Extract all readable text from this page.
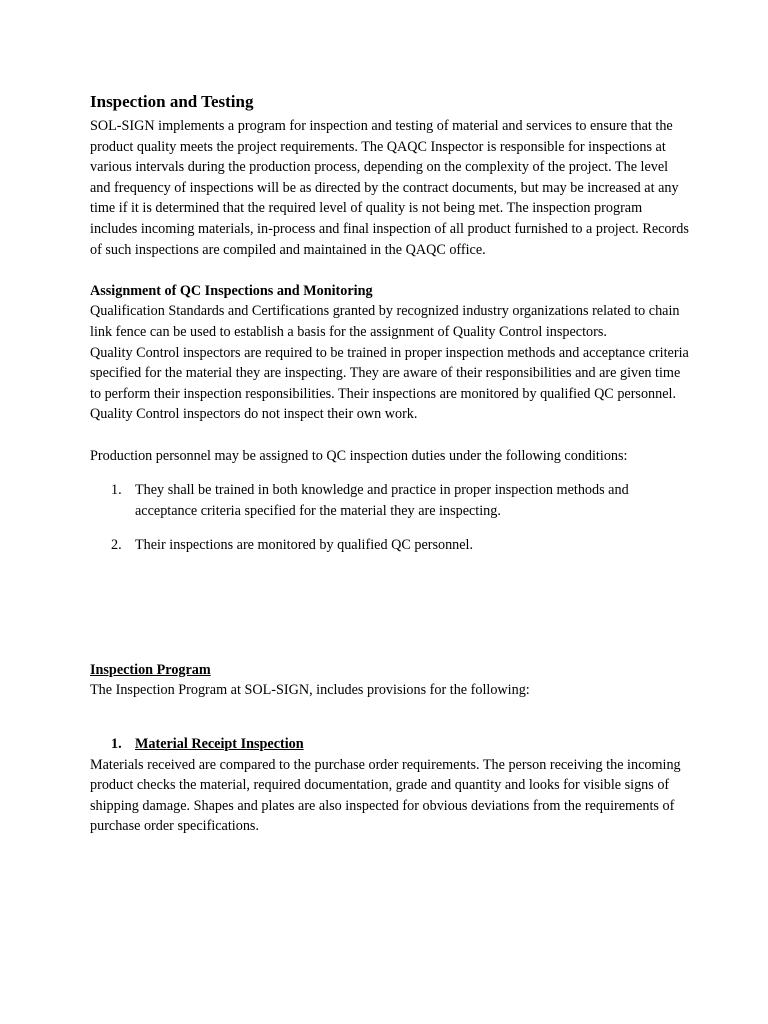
Inspection and Testing

SOL-SIGN implements a program for inspection and testing of material and services to ensure that the product quality meets the project requirements. The QAQC Inspector is responsible for inspections at various intervals during the production process, depending on the complexity of the project. The level and frequency of inspections will be as directed by the contract documents, but may be increased at any time if it is determined that the required level of quality is not being met. The inspection program includes incoming materials, in-process and final inspection of all product furnished to a project. Records of such inspections are compiled and maintained in the QAQC office.

Assignment of QC Inspections and Monitoring

Qualification Standards and Certifications granted by recognized industry organizations related to chain link fence can be used to establish a basis for the assignment of Quality Control inspectors.

Quality Control inspectors are required to be trained in proper inspection methods and acceptance criteria specified for the material they are inspecting. They are aware of their responsibilities and are given time to perform their inspection responsibilities. Their inspections are monitored by qualified QC personnel.

Quality Control inspectors do not inspect their own work.

Production personnel may be assigned to QC inspection duties under the following conditions:

1. They shall be trained in both knowledge and practice in proper inspection methods and acceptance criteria specified for the material they are inspecting.
2. Their inspections are monitored by qualified QC personnel.

Inspection Program

The Inspection Program at SOL-SIGN, includes provisions for the following:

1. Material Receipt Inspection

Materials received are compared to the purchase order requirements. The person receiving the incoming product checks the material, required documentation, grade and quantity and looks for visible signs of shipping damage. Shapes and plates are also inspected for obvious deviations from the requirements of purchase order specifications.
